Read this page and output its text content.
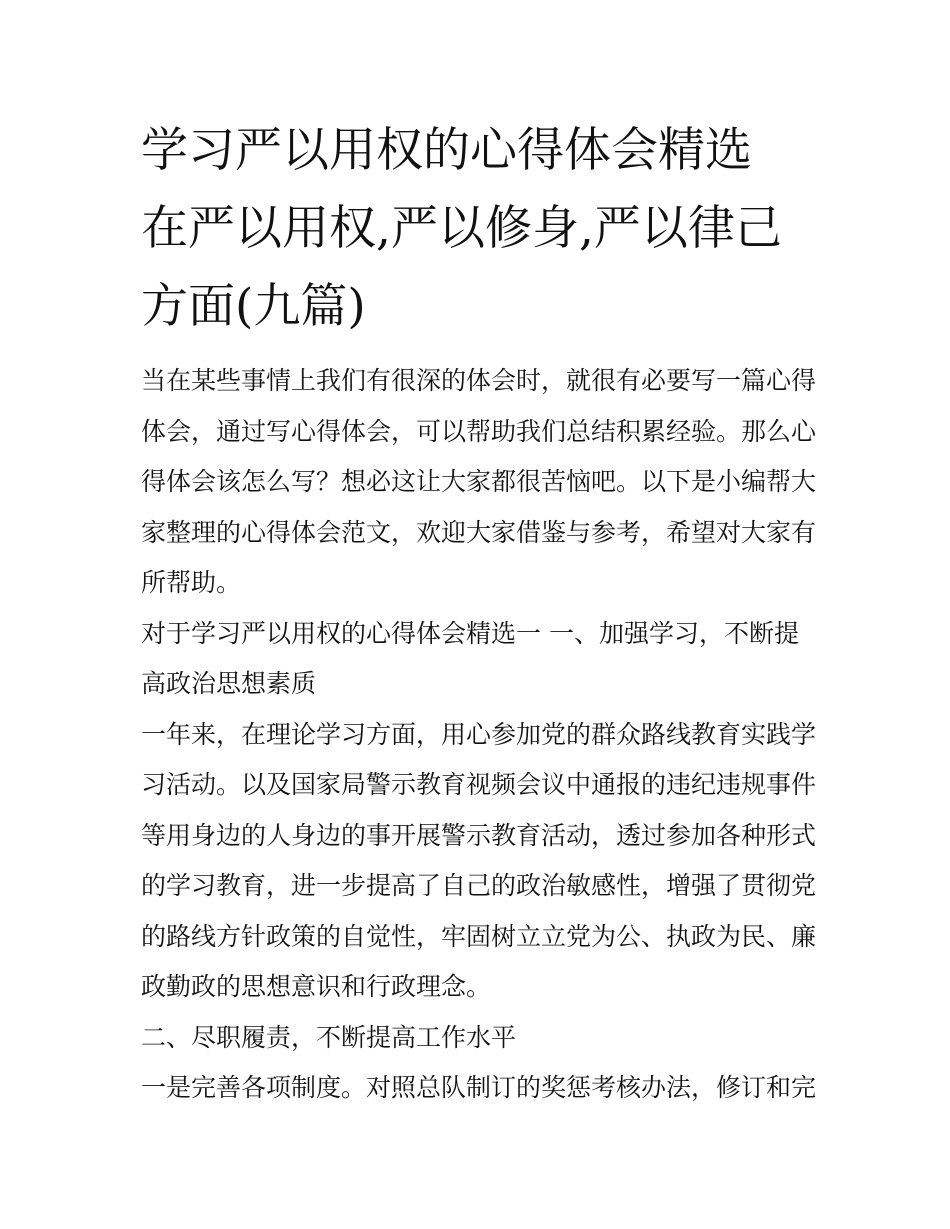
学习严以用权的心得体会精选
在严以用权,严以修身,严以律己
方面(九篇)
当在某些事情上我们有很深的体会时，就很有必要写一篇心得
体会，通过写心得体会，可以帮助我们总结积累经验。那么心
得体会该怎么写？想必这让大家都很苦恼吧。以下是小编帮大
家整理的心得体会范文，欢迎大家借鉴与参考，希望对大家有
所帮助。
对于学习严以用权的心得体会精选一 一、加强学习，不断提
高政治思想素质
一年来，在理论学习方面，用心参加党的群众路线教育实践学
习活动。以及国家局警示教育视频会议中通报的违纪违规事件
等用身边的人身边的事开展警示教育活动，透过参加各种形式
的学习教育，进一步提高了自己的政治敏感性，增强了贯彻党
的路线方针政策的自觉性，牢固树立立党为公、执政为民、廉
政勤政的思想意识和行政理念。
二、尽职履责，不断提高工作水平
一是完善各项制度。对照总队制订的奖惩考核办法，修订和完
